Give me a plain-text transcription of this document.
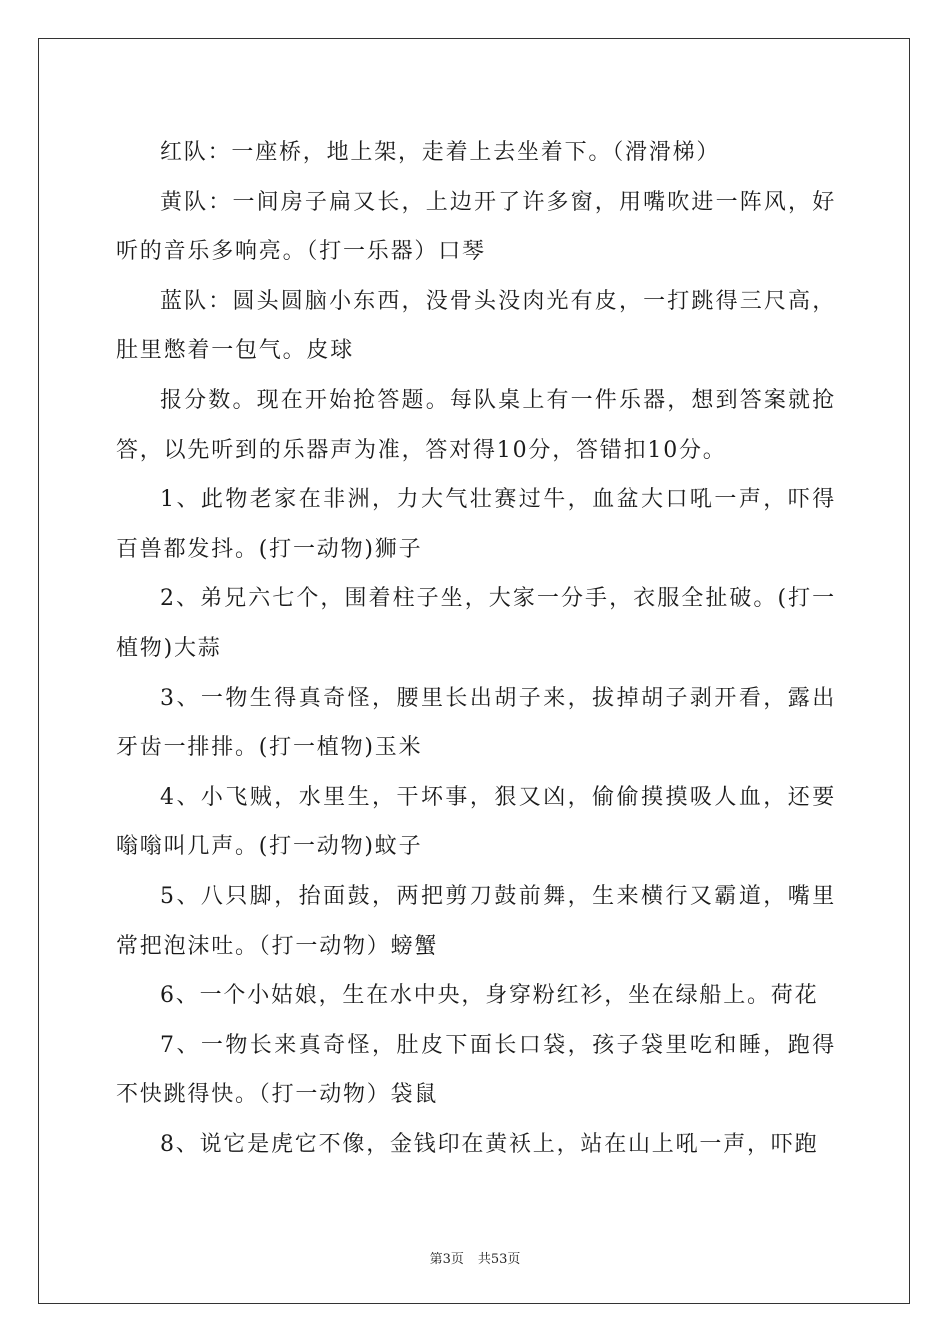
红队：一座桥，地上架，走着上去坐着下。（滑滑梯）

黄队：一间房子扁又长，上边开了许多窗，用嘴吹进一阵风，好听的音乐多响亮。（打一乐器）口琴

蓝队：圆头圆脑小东西，没骨头没肉光有皮，一打跳得三尺高，肚里憋着一包气。皮球

报分数。现在开始抢答题。每队桌上有一件乐器，想到答案就抢答，以先听到的乐器声为准，答对得10分，答错扣10分。

1、此物老家在非洲，力大气壮赛过牛，血盆大口吼一声，吓得百兽都发抖。(打一动物)狮子

2、弟兄六七个，围着柱子坐，大家一分手，衣服全扯破。(打一植物)大蒜

3、一物生得真奇怪，腰里长出胡子来，拔掉胡子剥开看，露出牙齿一排排。(打一植物)玉米

4、小飞贼，水里生，干坏事，狠又凶，偷偷摸摸吸人血，还要嗡嗡叫几声。(打一动物)蚊子

5、八只脚，抬面鼓，两把剪刀鼓前舞，生来横行又霸道，嘴里常把泡沫吐。（打一动物）螃蟹

6、一个小姑娘，生在水中央，身穿粉红衫，坐在绿船上。荷花

7、一物长来真奇怪，肚皮下面长口袋，孩子袋里吃和睡，跑得不快跳得快。（打一动物）袋鼠

8、说它是虎它不像，金钱印在黄袄上，站在山上吼一声，吓跑

第3页 共53页
